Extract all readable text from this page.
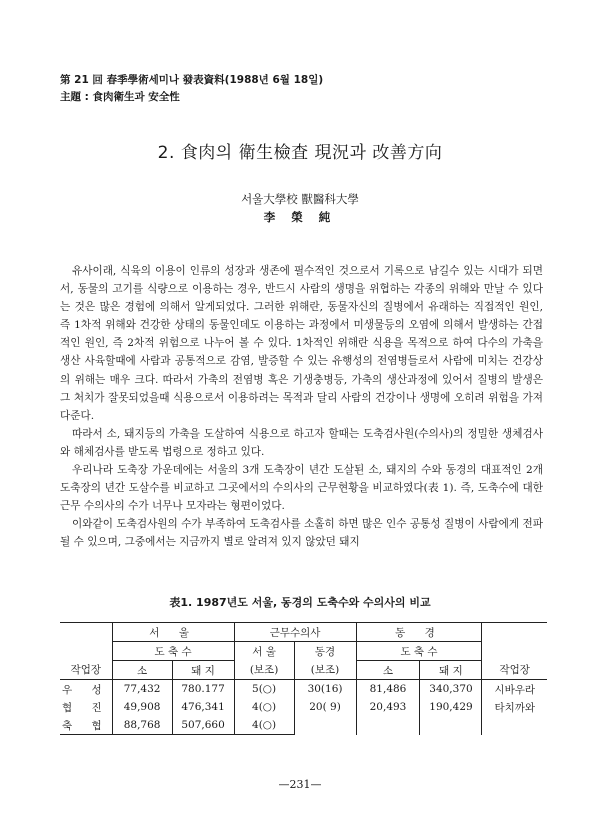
第 21 回 春季學術세미나 發表資料(1988년 6월 18일)
主題 : 食肉衛生과 安全性
2. 食肉의 衛生檢査 現況과 改善方向
서울大學校 獸醫科大學
李 榮 純

유사이래, 식육의 이용이 인류의 성장과 생존에 필수적인 것으로서 기록으로 남길수 있는 시대가 되면서, 동물의 고기를 식량으로 이용하는 경우, 반드시 사람의 생명을 위협하는 각종의 위해와 만날 수 있다는 것은 많은 경험에 의해서 알게되었다. 그러한 위해란, 동물자신의 질병에서 유래하는 직접적인 원인, 즉 1차적 위해와 건강한 상태의 동물인데도 이용하는 과정에서 미생물등의 오염에 의해서 발생하는 간접적인 원인, 즉 2차적 위험으로 나누어 볼 수 있다. 1차적인 위해란 식용을 목적으로 하여 다수의 가축을 생산 사육할때에 사람과 공통적으로 감염, 발증할 수 있는 유행성의 전염병들로서 사람에 미치는 건강상의 위해는 매우 크다. 따라서 가축의 전염병 혹은 기생충병등, 가축의 생산과정에 있어서 질병의 발생은 그 처치가 잘못되었을때 식용으로서 이용하려는 목적과 달리 사람의 건강이나 생명에 오히려 위험을 가져다준다.

따라서 소, 돼지등의 가축을 도살하여 식용으로 하고자 할때는 도축검사원(수의사)의 정밀한 생체검사와 해체검사를 받도록 법령으로 정하고 있다.

우리나라 도축장 가운데에는 서울의 3개 도축장이 년간 도살된 소, 돼지의 수와 동경의 대표적인 2개 도축장의 년간 도살수를 비교하고 그곳에서의 수의사의 근무현황을 비교하였다(表 1). 즉, 도축수에 대한 근무 수의사의 수가 너무나 모자라는 형편이었다.

이와같이 도축검사원의 수가 부족하여 도축검사를 소홀히 하면 많은 인수 공통성 질병이 사람에게 전파될 수 있으며, 그중에서는 지금까지 별로 알려져 있지 않았던 돼지

表1. 1987년도 서울, 동경의 도축수와 수의사의 비교
	서 울		근무수의사		동 경		
	도 축 수		서 울	동경	도 축 수		
작업장	소	돼 지	(보조)	(보조)	소	돼 지	작업장
우 성	77,432	780.177	5(○)	30(16)	81,486	340,370	시바우라
협 진	49,908	476,341	4(○)	20( 9)	20,493	190,429	타치까와
축 협	88,768	507,660	4(○)				
—231—
